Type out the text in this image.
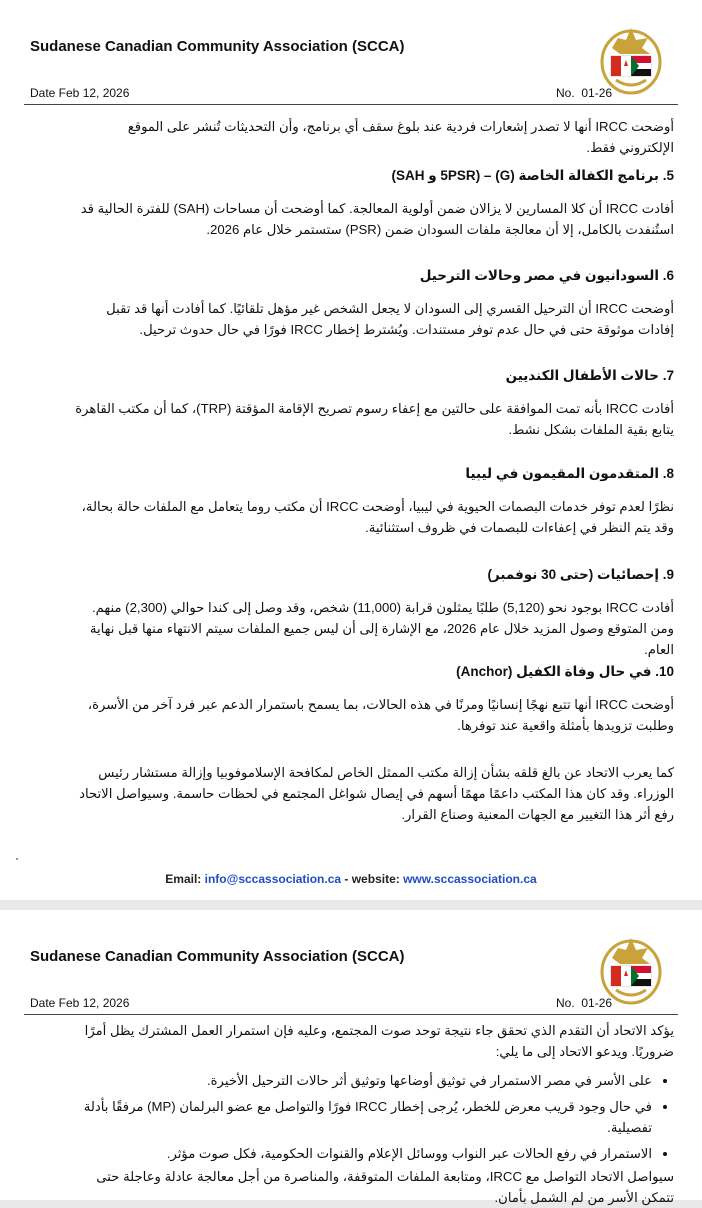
Sudanese Canadian Community Association (SCCA)
Date Feb 12, 2026	No. 01-26

أوضحت IRCC أنها لا تصدر إشعارات فردية عند بلوغ سقف أي برنامج، وأن التحديثات تُنشر على الموقع الإلكتروني فقط.

5. برنامج الكفالة الخاصة (G) – (5PSR و SAH)

أفادت IRCC أن كلا المسارين لا يزالان ضمن أولوية المعالجة. كما أوضحت أن مساحات (SAH) للفترة الحالية قد استُنفدت بالكامل، إلا أن معالجة ملفات السودان ضمن (PSR) ستستمر خلال عام 2026.

6. السودانيون في مصر وحالات الترحيل

أوضحت IRCC أن الترحيل القسري إلى السودان لا يجعل الشخص غير مؤهل تلقائيًا. كما أفادت أنها قد تقبل إفادات موثوقة حتى في حال عدم توفر مستندات. ويُشترط إخطار IRCC فورًا في حال حدوث ترحيل.

7. حالات الأطفال الكنديين

أفادت IRCC بأنه تمت الموافقة على حالتين مع إعفاء رسوم تصريح الإقامة المؤقتة (TRP)، كما أن مكتب القاهرة يتابع بقية الملفات بشكل نشط.

8. المتقدمون المقيمون في ليبيا

نظرًا لعدم توفر خدمات البصمات الحيوية في ليبيا، أوضحت IRCC أن مكتب روما يتعامل مع الملفات حالة بحالة، وقد يتم النظر في إعفاءات للبصمات في ظروف استثنائية.

9. إحصائيات (حتى 30 نوفمبر)

أفادت IRCC بوجود نحو (5,120) طلبًا يمثلون قرابة (11,000) شخص، وقد وصل إلى كندا حوالي (2,300) منهم. ومن المتوقع وصول المزيد خلال عام 2026، مع الإشارة إلى أن ليس جميع الملفات سيتم الانتهاء منها قبل نهاية العام.

10. في حال وفاة الكفيل (Anchor)

أوضحت IRCC أنها تتبع نهجًا إنسانيًا ومرنًا في هذه الحالات، بما يسمح باستمرار الدعم عبر فرد آخر من الأسرة، وطلبت تزويدها بأمثلة واقعية عند توفرها.

كما يعرب الاتحاد عن بالغ قلقه بشأن إزالة مكتب الممثل الخاص لمكافحة الإسلاموفوبيا وإزالة مستشار رئيس الوزراء. وقد كان هذا المكتب داعمًا مهمًا أسهم في إيصال شواغل المجتمع في لحظات حاسمة. وسيواصل الاتحاد رفع أثر هذا التغيير مع الجهات المعنية وصناع القرار.

Email: info@sccassociation.ca - website: www.sccassociation.ca
Sudanese Canadian Community Association (SCCA)
Date Feb 12, 2026	No. 01-26

يؤكد الاتحاد أن التقدم الذي تحقق جاء نتيجة توحد صوت المجتمع، وعليه فإن استمرار العمل المشترك يظل أمرًا ضروريًا. ويدعو الاتحاد إلى ما يلي:

• على الأسر في مصر الاستمرار في توثيق أوضاعها وتوثيق أثر حالات الترحيل الأخيرة.
• في حال وجود قريب معرض للخطر، يُرجى إخطار IRCC فورًا والتواصل مع عضو البرلمان (MP) مرفقًا بأدلة تفصيلية.
• الاستمرار في رفع الحالات عبر النواب ووسائل الإعلام والقنوات الحكومية، فكل صوت مؤثر.

سيواصل الاتحاد التواصل مع IRCC، ومتابعة الملفات المتوقفة، والمناصرة من أجل معالجة عادلة وعاجلة حتى تتمكن الأسر من لم الشمل بأمان.
